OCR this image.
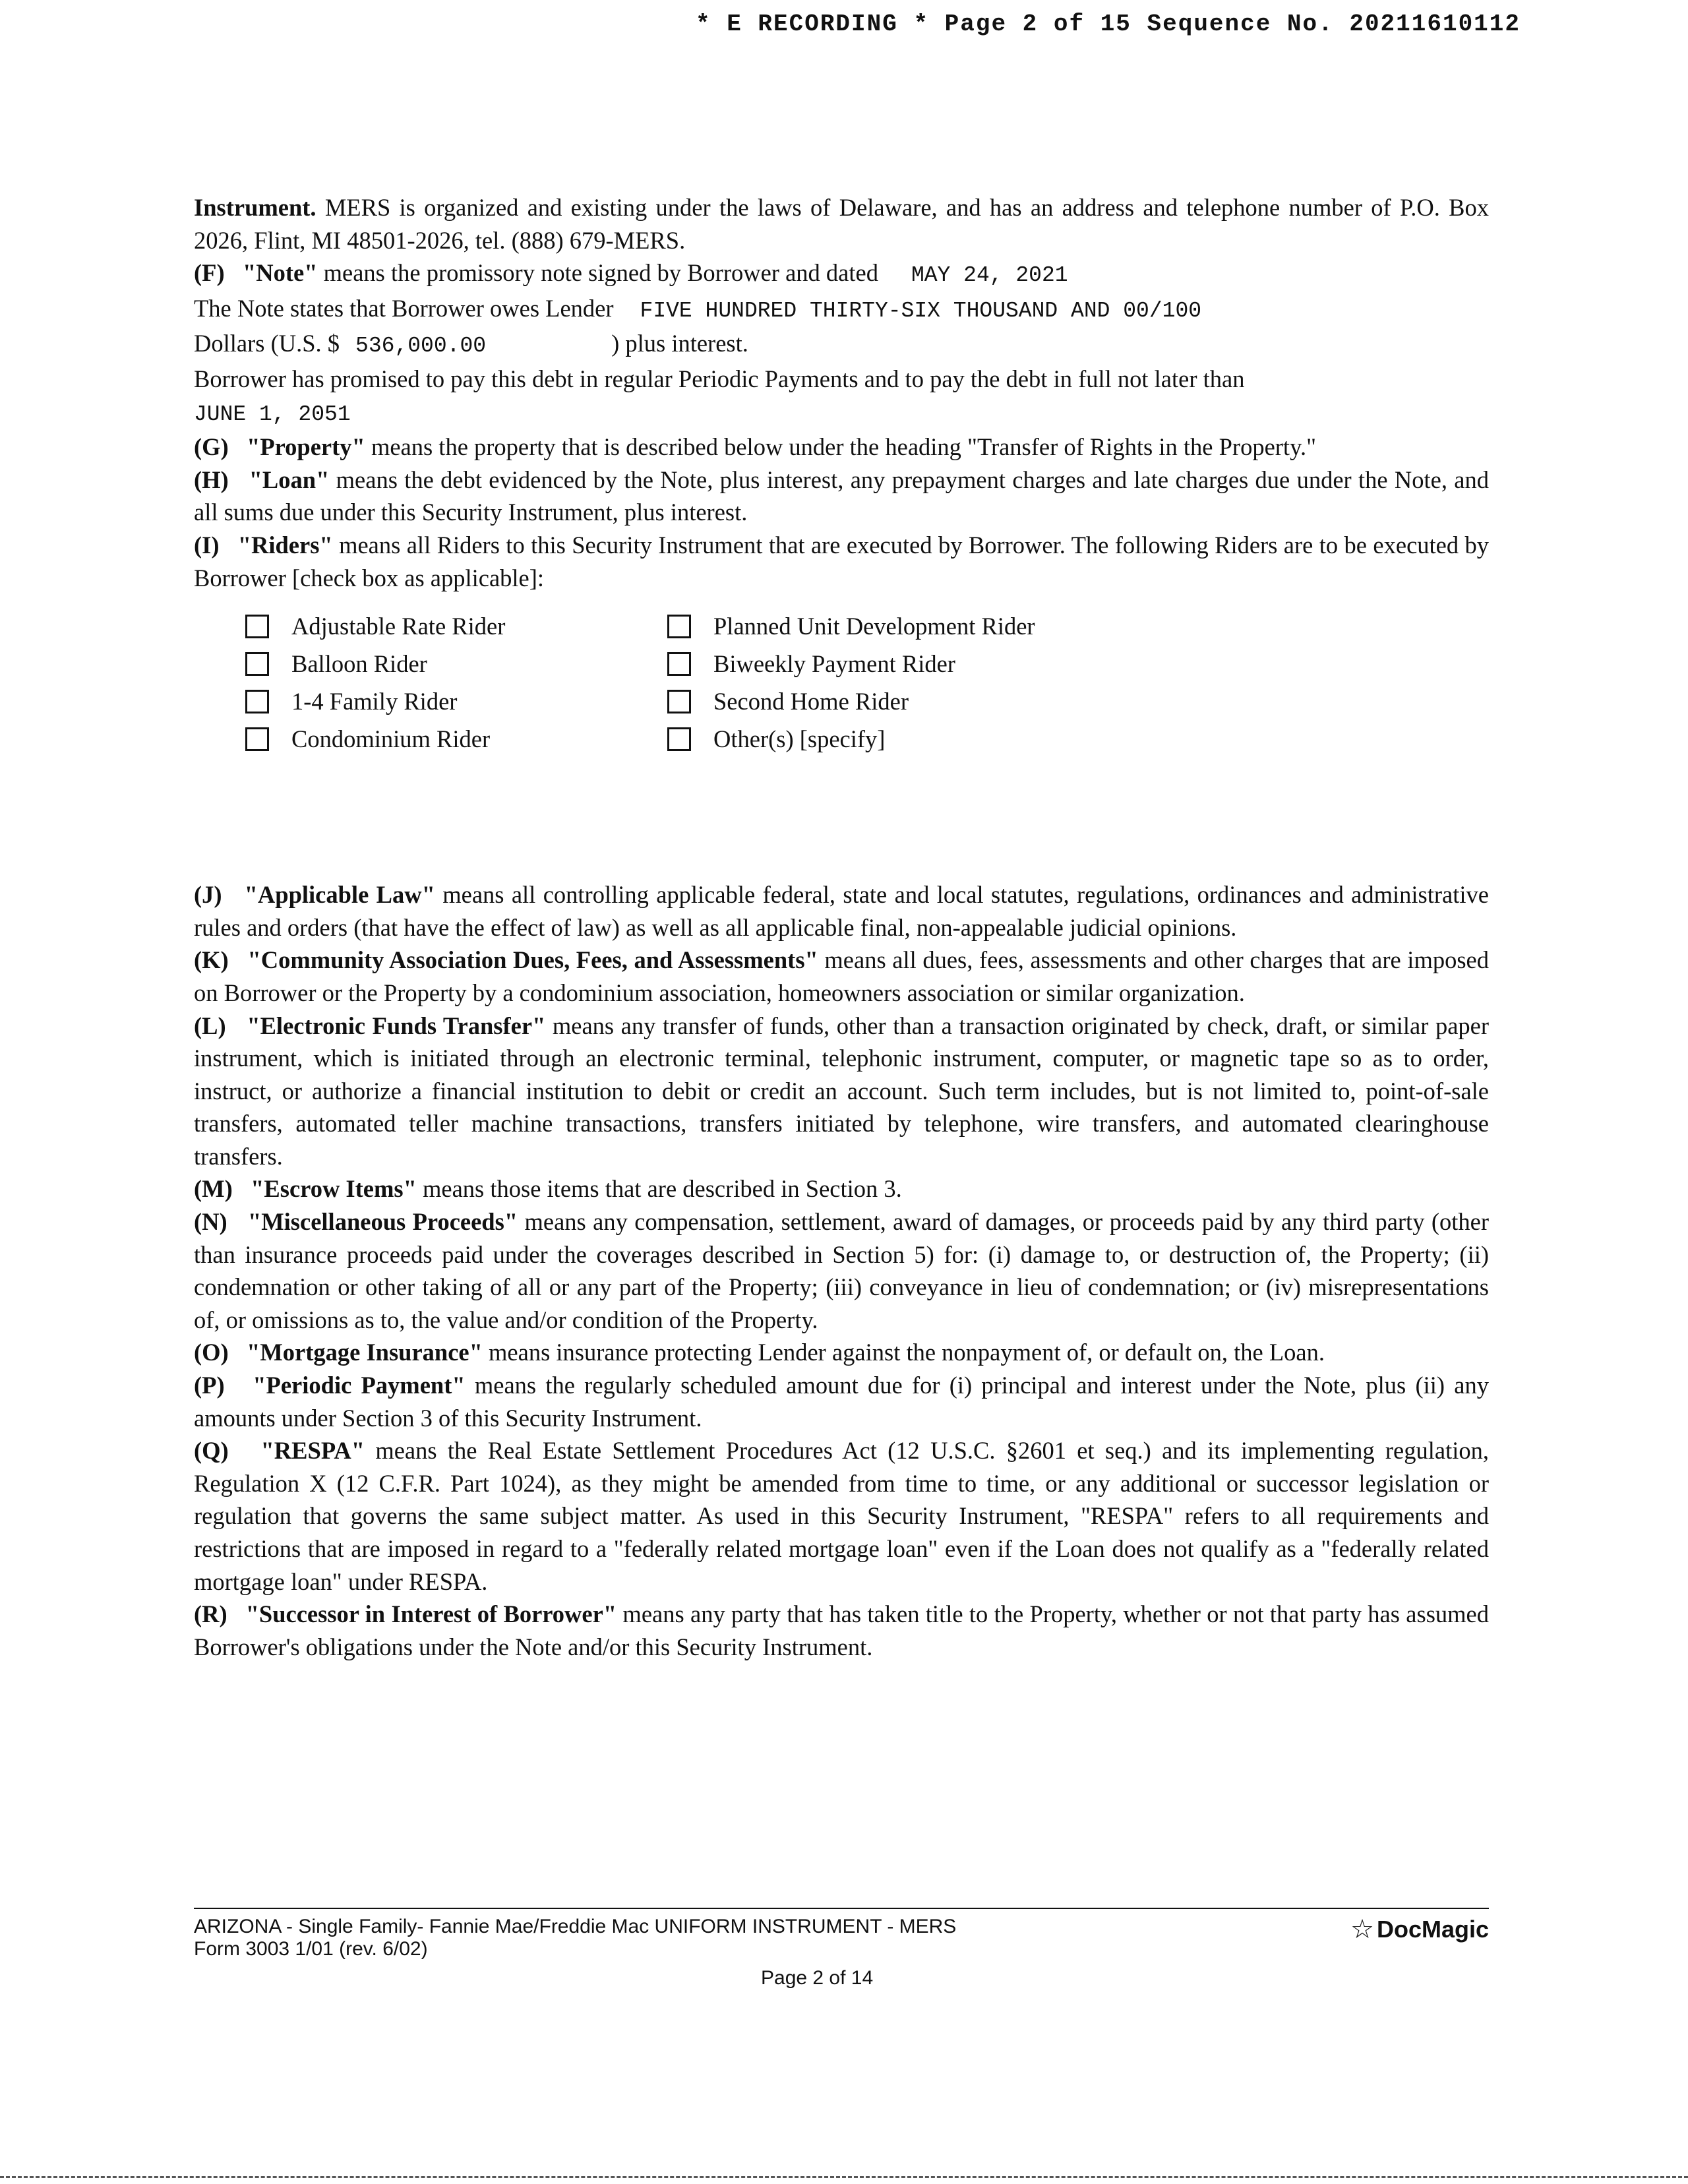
* E RECORDING * Page 2 of 15 Sequence No. 20211610112

Instrument. MERS is organized and existing under the laws of Delaware, and has an address and telephone number of P.O. Box 2026, Flint, MI 48501-2026, tel. (888) 679-MERS.

(F) "Note" means the promissory note signed by Borrower and dated MAY 24, 2021

The Note states that Borrower owes Lender FIVE HUNDRED THIRTY-SIX THOUSAND AND 00/100

Dollars (U.S. $ 536,000.00	) plus interest.

Borrower has promised to pay this debt in regular Periodic Payments and to pay the debt in full not later than
JUNE 1, 2051

(G) "Property" means the property that is described below under the heading "Transfer of Rights in the Property."

(H) "Loan" means the debt evidenced by the Note, plus interest, any prepayment charges and late charges due under the Note, and all sums due under this Security Instrument, plus interest.

(I) "Riders" means all Riders to this Security Instrument that are executed by Borrower. The following Riders are to be executed by Borrower [check box as applicable]:

Adjustable Rate Rider	Planned Unit Development Rider
Balloon Rider	Biweekly Payment Rider
1-4 Family Rider	Second Home Rider
Condominium Rider	Other(s) [specify]

(J) "Applicable Law" means all controlling applicable federal, state and local statutes, regulations, ordinances and administrative rules and orders (that have the effect of law) as well as all applicable final, non-appealable judicial opinions.

(K) "Community Association Dues, Fees, and Assessments" means all dues, fees, assessments and other charges that are imposed on Borrower or the Property by a condominium association, homeowners association or similar organization.

(L) "Electronic Funds Transfer" means any transfer of funds, other than a transaction originated by check, draft, or similar paper instrument, which is initiated through an electronic terminal, telephonic instrument, computer, or magnetic tape so as to order, instruct, or authorize a financial institution to debit or credit an account. Such term includes, but is not limited to, point-of-sale transfers, automated teller machine transactions, transfers initiated by telephone, wire transfers, and automated clearinghouse transfers.

(M) "Escrow Items" means those items that are described in Section 3.

(N) "Miscellaneous Proceeds" means any compensation, settlement, award of damages, or proceeds paid by any third party (other than insurance proceeds paid under the coverages described in Section 5) for: (i) damage to, or destruction of, the Property; (ii) condemnation or other taking of all or any part of the Property; (iii) conveyance in lieu of condemnation; or (iv) misrepresentations of, or omissions as to, the value and/or condition of the Property.

(O) "Mortgage Insurance" means insurance protecting Lender against the nonpayment of, or default on, the Loan.

(P) "Periodic Payment" means the regularly scheduled amount due for (i) principal and interest under the Note, plus (ii) any amounts under Section 3 of this Security Instrument.

(Q) "RESPA" means the Real Estate Settlement Procedures Act (12 U.S.C. §2601 et seq.) and its implementing regulation, Regulation X (12 C.F.R. Part 1024), as they might be amended from time to time, or any additional or successor legislation or regulation that governs the same subject matter. As used in this Security Instrument, "RESPA" refers to all requirements and restrictions that are imposed in regard to a "federally related mortgage loan" even if the Loan does not qualify as a "federally related mortgage loan" under RESPA.

(R) "Successor in Interest of Borrower" means any party that has taken title to the Property, whether or not that party has assumed Borrower's obligations under the Note and/or this Security Instrument.

ARIZONA - Single Family- Fannie Mae/Freddie Mac UNIFORM INSTRUMENT - MERS
Form 3003 1/01 (rev. 6/02)
☆ DocMagic
Page 2 of 14
